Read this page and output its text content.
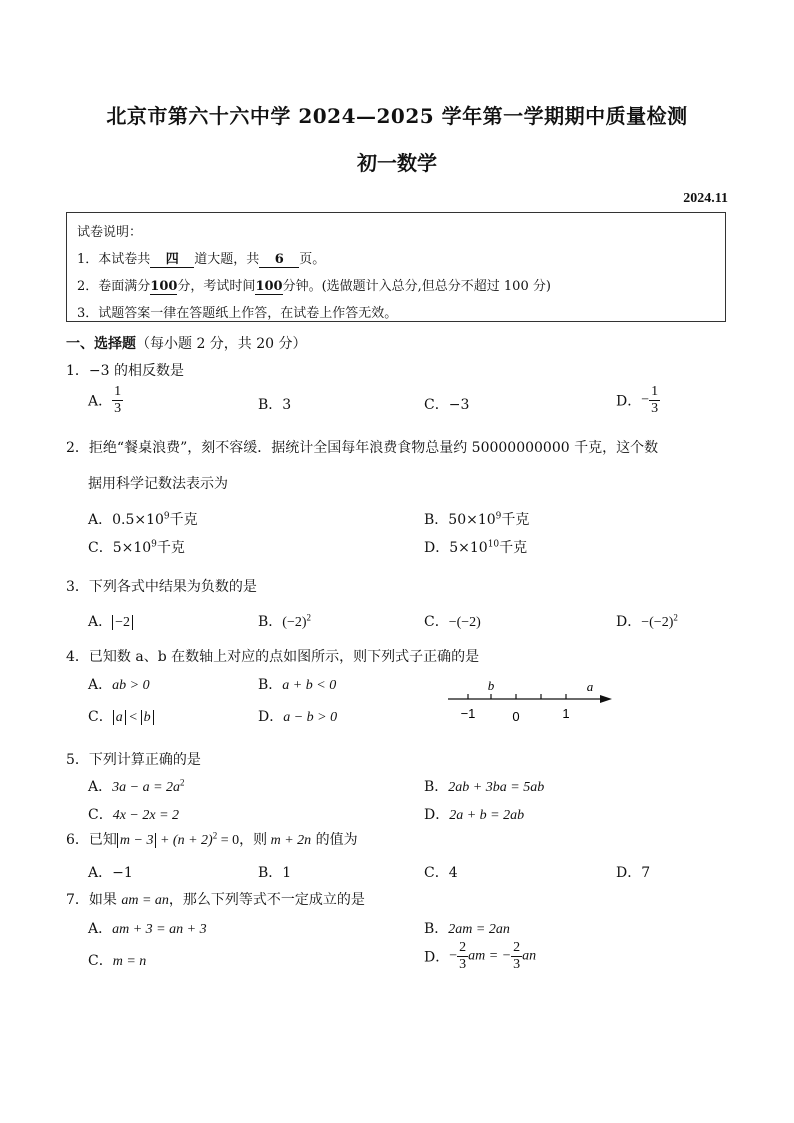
北京市第六十六中学 2024—2025 学年第一学期期中质量检测
初一数学
2024.11
试卷说明：
1．本试卷共 四 道大题，共 6 页。
2．卷面满分100分，考试时间100分钟。(选做题计入总分,但总分不超过 100 分)
3．试题答案一律在答题纸上作答，在试卷上作答无效。
一、选择题（每小题 2 分，共 20 分）
1．−3 的相反数是
A． $\frac{1}{3}$	B．3	C．−3	D．− $\frac{1}{3}$
2．拒绝“餐桌浪费”，刻不容缓．据统计全国每年浪费食物总量约 50000000000 千克，这个数
据用科学记数法表示为
A．$0.5\times 10^9$千克	B．$50\times 10^9$千克
C．$5\times 10^9$千克	D．$5\times 10^{10}$千克
3．下列各式中结果为负数的是
A． −2	B．$(-2)^2$	C．−(−2)	D．$-(-2)^2$
4．已知数 a、b 在数轴上对应的点如图所示，则下列式子正确的是
A．ab > 0	B．a + b < 0
C． a < b	D．a − b > 0
b	a
−1	0	1
5．下列计算正确的是
A．$3a - a = 2a^2$	B．2ab + 3ba = 5ab
C．4x − 2x = 2	D．2a + b = 2ab
6．已知 $m - 3 + (n + 2)^2 = 0$，则 m + 2n 的值为
A．−1	B．1	C．4	D．7
7．如果 am = an，那么下列等式不一定成立的是
A．am + 3 = an + 3	B．2am = 2an
C．m = n	D．− $\frac{2}{3}$ am = − $\frac{2}{3}$ an
